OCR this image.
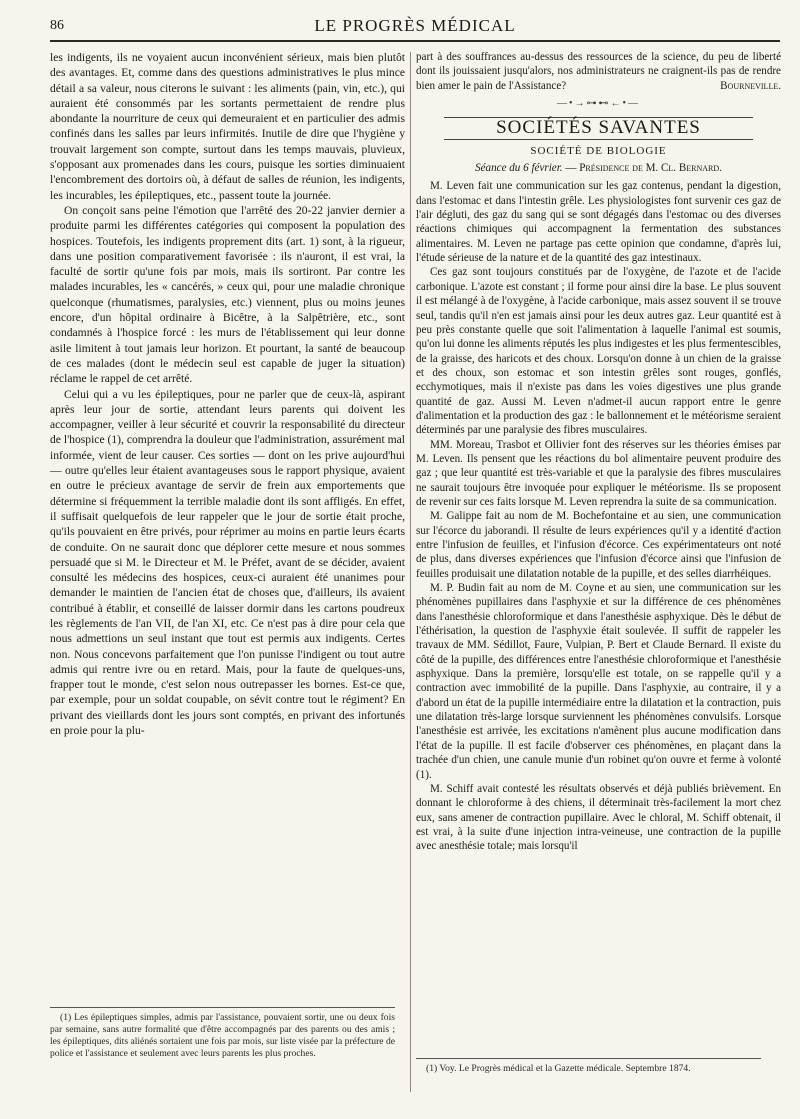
86	LE PROGRÈS MÉDICAL

les indigents, ils ne voyaient aucun inconvénient sérieux, mais bien plutôt des avantages. Et, comme dans des questions administratives le plus mince détail a sa valeur, nous citerons le suivant : les aliments (pain, vin, etc.), qui auraient été consommés par les sortants permettaient de rendre plus abondante la nourriture de ceux qui demeuraient et en particulier des admis confinés dans les salles par leurs infirmités. Inutile de dire que l'hygiène y trouvait largement son compte, surtout dans les temps mauvais, pluvieux, s'opposant aux promenades dans les cours, puisque les sorties diminuaient l'encombrement des dortoirs où, à défaut de salles de réunion, les indigents, les incurables, les épileptiques, etc., passent toute la journée.

On conçoit sans peine l'émotion que l'arrêté des 20-22 janvier dernier a produite parmi les différentes catégories qui composent la population des hospices. Toutefois, les indigents proprement dits (art. 1) sont, à la rigueur, dans une position comparativement favorisée : ils n'auront, il est vrai, la faculté de sortir qu'une fois par mois, mais ils sortiront. Par contre les malades incurables, les « cancérés, » ceux qui, pour une maladie chronique quelconque (rhumatismes, paralysies, etc.) viennent, plus ou moins jeunes encore, d'un hôpital ordinaire à Bicêtre, à la Salpêtrière, etc., sont condamnés à l'hospice forcé : les murs de l'établissement qui leur donne asile limitent à tout jamais leur horizon. Et pourtant, la santé de beaucoup de ces malades (dont le médecin seul est capable de juger la situation) réclame le rappel de cet arrêté.

Celui qui a vu les épileptiques, pour ne parler que de ceux-là, aspirant après leur jour de sortie, attendant leurs parents qui doivent les accompagner, veiller à leur sécurité et couvrir la responsabilité du directeur de l'hospice (1), comprendra la douleur que l'administration, assurément mal informée, vient de leur causer. Ces sorties — dont on les prive aujourd'hui — outre qu'elles leur étaient avantageuses sous le rapport physique, avaient en outre le précieux avantage de servir de frein aux emportements que détermine si fréquemment la terrible maladie dont ils sont affligés. En effet, il suffisait quelquefois de leur rappeler que le jour de sortie était proche, qu'ils pouvaient en être privés, pour réprimer au moins en partie leurs écarts de conduite. On ne saurait donc que déplorer cette mesure et nous sommes persuadé que si M. le Directeur et M. le Préfet, avant de se décider, avaient consulté les médecins des hospices, ceux-ci auraient été unanimes pour demander le maintien de l'ancien état de choses que, d'ailleurs, ils avaient contribué à établir, et conseillé de laisser dormir dans les cartons poudreux les règlements de l'an VII, de l'an XI, etc. Ce n'est pas à dire pour cela que nous admettions un seul instant que tout est permis aux indigents. Certes non. Nous concevons parfaitement que l'on punisse l'indigent ou tout autre admis qui rentre ivre ou en retard. Mais, pour la faute de quelques-uns, frapper tout le monde, c'est selon nous outrepasser les bornes. Est-ce que, par exemple, pour un soldat coupable, on sévit contre tout le régiment? En privant des vieillards dont les jours sont comptés, en privant des infortunés en proie pour la plu-

(1) Les épileptiques simples, admis par l'assistance, pouvaient sortir, une ou deux fois par semaine, sans autre formalité que d'être accompagnés par des parents ou des amis ; les épileptiques, dits aliénés sortaient une fois par mois, sur liste visée par la préfecture de police et l'assistance et seulement avec leurs parents les plus proches.

part à des souffrances au-dessus des ressources de la science, du peu de liberté dont ils jouissaient jusqu'alors, nos administrateurs ne craignent-ils pas de rendre bien amer le pain de l'Assistance?	Bourneville.

—•→⊶⊷←•—
SOCIÉTÉS SAVANTES
SOCIÉTÉ DE BIOLOGIE
Séance du 6 février. — Présidence de M. Cl. Bernard.

M. Leven fait une communication sur les gaz contenus, pendant la digestion, dans l'estomac et dans l'intestin grêle. Les physiologistes font survenir ces gaz de l'air dégluti, des gaz du sang qui se sont dégagés dans l'estomac ou des diverses réactions chimiques qui accompagnent la fermentation des substances alimentaires. M. Leven ne partage pas cette opinion que condamne, d'après lui, l'étude sérieuse de la nature et de la quantité des gaz intestinaux.

Ces gaz sont toujours constitués par de l'oxygène, de l'azote et de l'acide carbonique. L'azote est constant ; il forme pour ainsi dire la base. Le plus souvent il est mélangé à de l'oxygène, à l'acide carbonique, mais assez souvent il se trouve seul, tandis qu'il n'en est jamais ainsi pour les deux autres gaz. Leur quantité est à peu près constante quelle que soit l'alimentation à laquelle l'animal est soumis, qu'on lui donne les aliments réputés les plus indigestes et les plus fermentescibles, de la graisse, des haricots et des choux. Lorsqu'on donne à un chien de la graisse et des choux, son estomac et son intestin grêles sont rouges, gonflés, ecchymotiques, mais il n'existe pas dans les voies digestives une plus grande quantité de gaz. Aussi M. Leven n'admet-il aucun rapport entre le genre d'alimentation et la production des gaz : le ballonnement et le météorisme seraient déterminés par une paralysie des fibres musculaires.

MM. Moreau, Trasbot et Ollivier font des réserves sur les théories émises par M. Leven. Ils pensent que les réactions du bol alimentaire peuvent produire des gaz ; que leur quantité est très-variable et que la paralysie des fibres musculaires ne saurait toujours être invoquée pour expliquer le météorisme. Ils se proposent de revenir sur ces faits lorsque M. Leven reprendra la suite de sa communication.

M. Galippe fait au nom de M. Bochefontaine et au sien, une communication sur l'écorce du jaborandi. Il résulte de leurs expériences qu'il y a identité d'action entre l'infusion de feuilles, et l'infusion d'écorce. Ces expérimentateurs ont noté de plus, dans diverses expériences que l'infusion d'écorce ainsi que l'infusion de feuilles produisait une dilatation notable de la pupille, et des selles diarrhéiques.

M. P. Budin fait au nom de M. Coyne et au sien, une communication sur les phénomènes pupillaires dans l'asphyxie et sur la différence de ces phénomènes dans l'anesthésie chloroformique et dans l'anesthésie asphyxique. Dès le début de l'éthérisation, la question de l'asphyxie était soulevée. Il suffit de rappeler les travaux de MM. Sédillot, Faure, Vulpian, P. Bert et Claude Bernard. Il existe du côté de la pupille, des différences entre l'anesthésie chloroformique et l'anesthésie asphyxique. Dans la première, lorsqu'elle est totale, on se rappelle qu'il y a contraction avec immobilité de la pupille. Dans l'asphyxie, au contraire, il y a d'abord un état de la pupille intermédiaire entre la dilatation et la contraction, puis une dilatation très-large lorsque surviennent les phénomènes convulsifs. Lorsque l'anesthésie est arrivée, les excitations n'amènent plus aucune modification dans l'état de la pupille. Il est facile d'observer ces phénomènes, en plaçant dans la trachée d'un chien, une canule munie d'un robinet qu'on ouvre et ferme à volonté (1).

M. Schiff avait contesté les résultats observés et déjà publiés brièvement. En donnant le chloroforme à des chiens, il déterminait très-facilement la mort chez eux, sans amener de contraction pupillaire. Avec le chloral, M. Schiff obtenait, il est vrai, à la suite d'une injection intra-veineuse, une contraction de la pupille avec anesthésie totale; mais lorsqu'il

(1) Voy. Le Progrès médical et la Gazette médicale. Septembre 1874.
